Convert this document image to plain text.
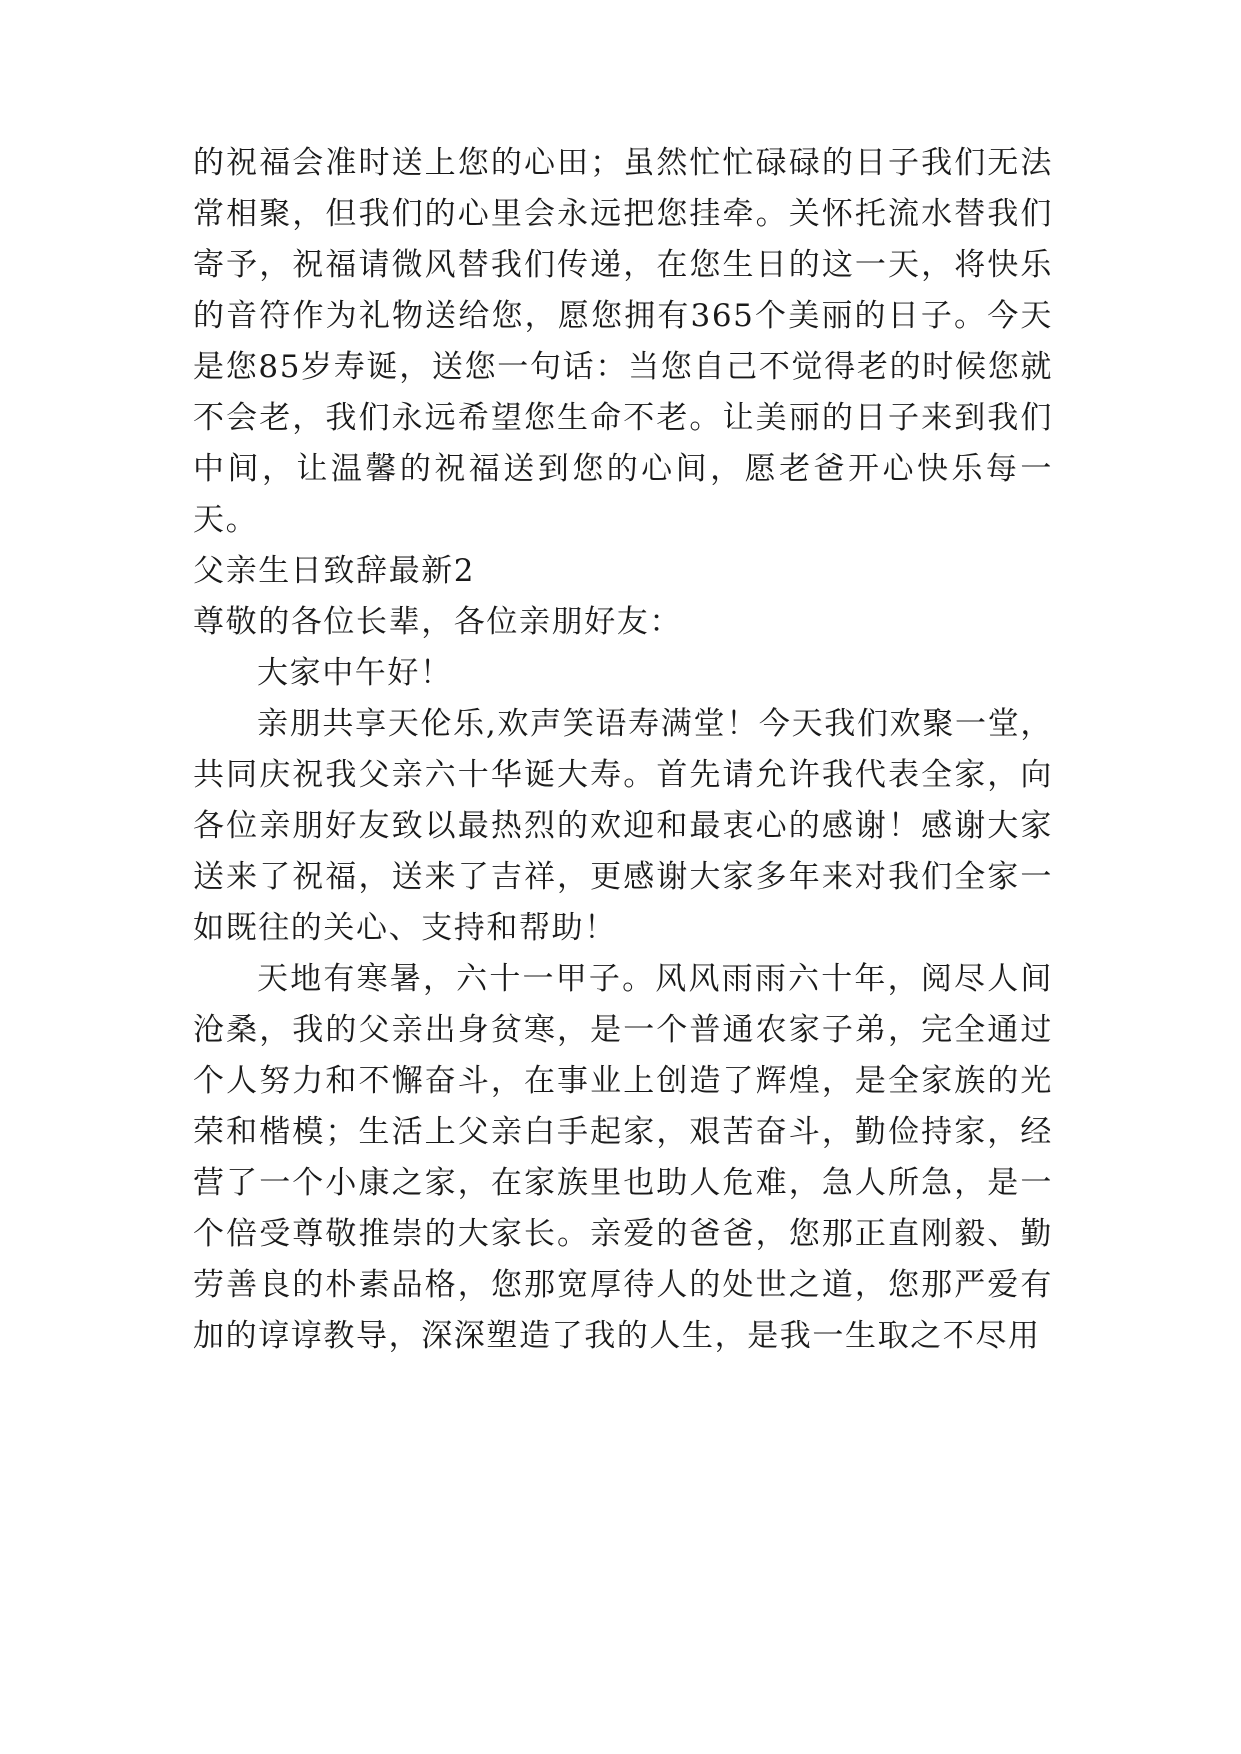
的祝福会准时送上您的心田；虽然忙忙碌碌的日子我们无法常相聚，但我们的心里会永远把您挂牵。关怀托流水替我们寄予，祝福请微风替我们传递，在您生日的这一天，将快乐的音符作为礼物送给您，愿您拥有365个美丽的日子。今天是您85岁寿诞，送您一句话：当您自己不觉得老的时候您就不会老，我们永远希望您生命不老。让美丽的日子来到我们中间，让温馨的祝福送到您的心间，愿老爸开心快乐每一天。

父亲生日致辞最新2

尊敬的各位长辈，各位亲朋好友：

大家中午好！

亲朋共享天伦乐,欢声笑语寿满堂！今天我们欢聚一堂，共同庆祝我父亲六十华诞大寿。首先请允许我代表全家，向各位亲朋好友致以最热烈的欢迎和最衷心的感谢！感谢大家送来了祝福，送来了吉祥，更感谢大家多年来对我们全家一如既往的关心、支持和帮助！

天地有寒暑，六十一甲子。风风雨雨六十年，阅尽人间沧桑，我的父亲出身贫寒，是一个普通农家子弟，完全通过个人努力和不懈奋斗，在事业上创造了辉煌，是全家族的光荣和楷模；生活上父亲白手起家，艰苦奋斗，勤俭持家，经营了一个小康之家，在家族里也助人危难，急人所急，是一个倍受尊敬推崇的大家长。亲爱的爸爸，您那正直刚毅、勤劳善良的朴素品格，您那宽厚待人的处世之道，您那严爱有加的谆谆教导，深深塑造了我的人生，是我一生取之不尽用
